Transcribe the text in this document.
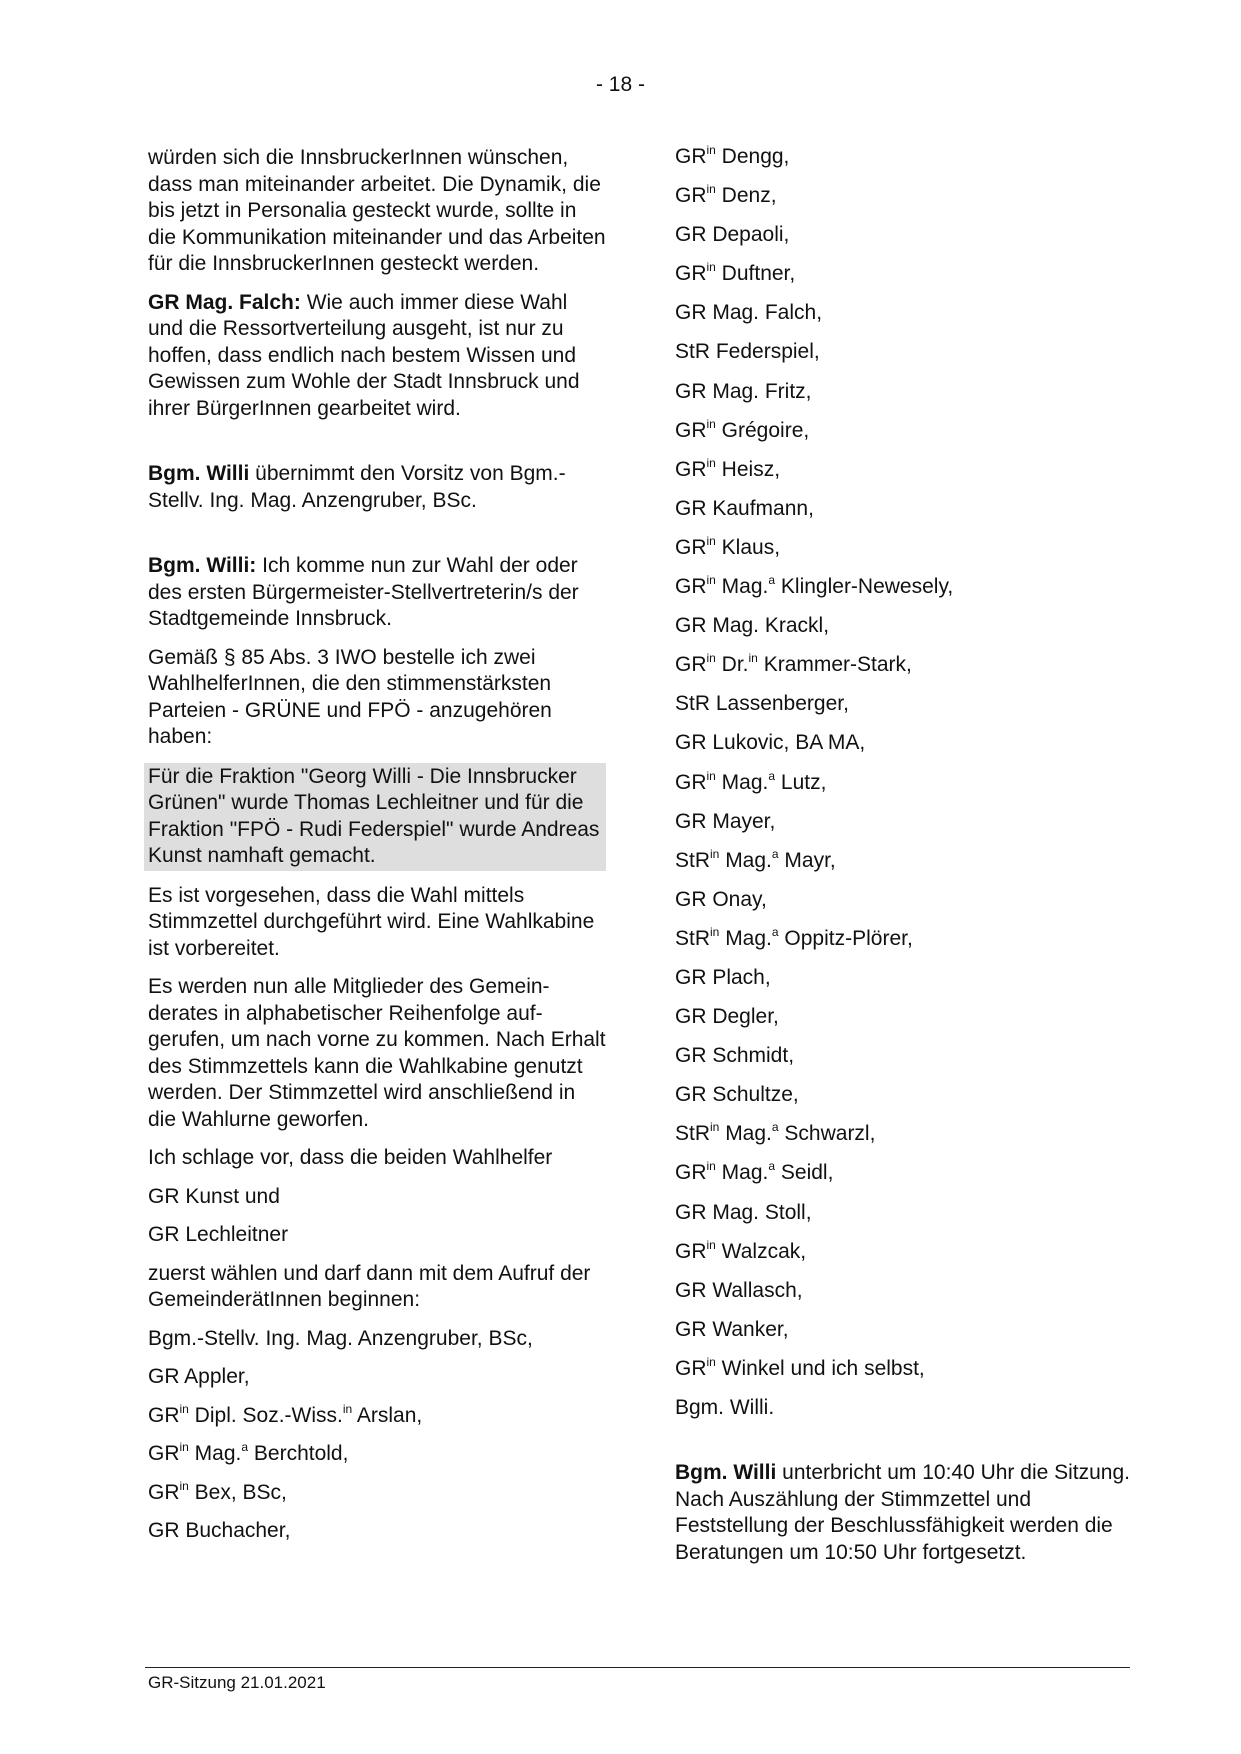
- 18 -

würden sich die InnsbruckerInnen wünschen, dass man miteinander arbeitet. Die Dynamik, die bis jetzt in Personalia gesteckt wurde, sollte in die Kommunikation miteinander und das Arbeiten für die InnsbruckerInnen gesteckt werden.

GR Mag. Falch: Wie auch immer diese Wahl und die Ressortverteilung ausgeht, ist nur zu hoffen, dass endlich nach bestem Wissen und Gewissen zum Wohle der Stadt Innsbruck und ihrer BürgerInnen gearbeitet wird.

Bgm. Willi übernimmt den Vorsitz von Bgm.-Stellv. Ing. Mag. Anzengruber, BSc.

Bgm. Willi: Ich komme nun zur Wahl der oder des ersten Bürgermeister-Stellvertreterin/s der Stadtgemeinde Innsbruck.

Gemäß § 85 Abs. 3 IWO bestelle ich zwei WahlhelferInnen, die den stimmenstärksten Parteien - GRÜNE und FPÖ - anzugehören haben:

Für die Fraktion "Georg Willi - Die Innsbrucker Grünen" wurde Thomas Lechleitner und für die Fraktion "FPÖ - Rudi Federspiel" wurde Andreas Kunst namhaft gemacht.

Es ist vorgesehen, dass die Wahl mittels Stimmzettel durchgeführt wird. Eine Wahlkabine ist vorbereitet.

Es werden nun alle Mitglieder des Gemeinderates in alphabetischer Reihenfolge aufgerufen, um nach vorne zu kommen. Nach Erhalt des Stimmzettels kann die Wahlkabine genutzt werden. Der Stimmzettel wird anschließend in die Wahlurne geworfen.

Ich schlage vor, dass die beiden Wahlhelfer

GR Kunst und

GR Lechleitner

zuerst wählen und darf dann mit dem Aufruf der GemeinderätInnen beginnen:

Bgm.-Stellv. Ing. Mag. Anzengruber, BSc,

GR Appler,

$GR^{in}$ Dipl. Soz.-Wiss.$^{in}$ Arslan,

$GR^{in}$ Mag.$^a$ Berchtold,

$GR^{in}$ Bex, BSc,

GR Buchacher,

$GR^{in}$ Dengg,

$GR^{in}$ Denz,

GR Depaoli,

$GR^{in}$ Duftner,

GR Mag. Falch,

StR Federspiel,

GR Mag. Fritz,

$GR^{in}$ Grégoire,

$GR^{in}$ Heisz,

GR Kaufmann,

$GR^{in}$ Klaus,

$GR^{in}$ Mag.$^a$ Klingler-Newesely,

GR Mag. Krackl,

$GR^{in}$ Dr.$^{in}$ Krammer-Stark,

StR Lassenberger,

GR Lukovic, BA MA,

$GR^{in}$ Mag.$^a$ Lutz,

GR Mayer,

StR$^{in}$ Mag.$^a$ Mayr,

GR Onay,

StR$^{in}$ Mag.$^a$ Oppitz-Plörer,

GR Plach,

GR Degler,

GR Schmidt,

GR Schultze,

StR$^{in}$ Mag.$^a$ Schwarzl,

$GR^{in}$ Mag.$^a$ Seidl,

GR Mag. Stoll,

$GR^{in}$ Walzcak,

GR Wallasch,

GR Wanker,

$GR^{in}$ Winkel und ich selbst,

Bgm. Willi.

Bgm. Willi unterbricht um 10:40 Uhr die Sitzung. Nach Auszählung der Stimmzettel und Feststellung der Beschlussfähigkeit werden die Beratungen um 10:50 Uhr fortgesetzt.

GR-Sitzung 21.01.2021
